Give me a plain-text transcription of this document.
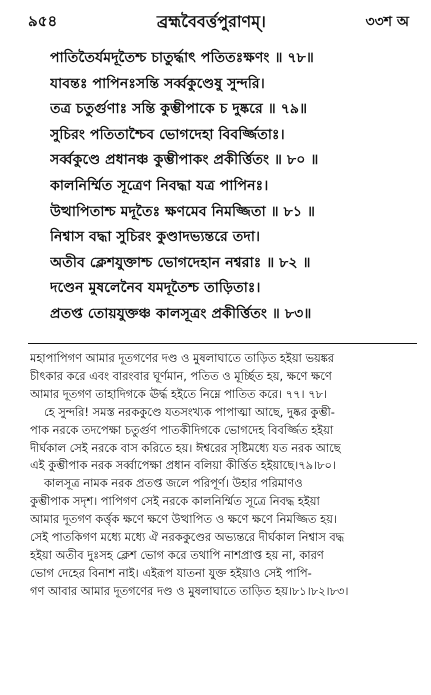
৯৫৪	ব্রহ্মবৈবর্ত্তপুরাণম্।	৩৩শ অ
পাতিতৈর্যমদূতৈশ্চ চাতুর্দ্ধাৎ পতিতঃক্ষণং ॥ ৭৮॥
যাবন্তঃ পাপিনঃসন্তি সর্ব্বকুণ্ডেষু সুন্দরি।
তত্র চতুর্গুণাঃ সন্তি কুম্ভীপাকে চ দুষ্করে ॥ ৭৯॥
সুচিরং পতিতাশ্চৈব ভোগদেহা বিবর্জ্জিতাঃ।
সর্ব্বকুণ্ডে প্রধানঞ্চ কুম্ভীপাকং প্রকীর্ত্তিতং ॥ ৮০ ॥
কালনির্ম্মিত সূত্রেণ নিবদ্ধা যত্র পাপিনঃ।
উত্থাপিতাশ্চ মদূতৈঃ ক্ষণমেব নিমজ্জিতা ॥ ৮১ ॥
নিশ্বাস বদ্ধা সুচিরং কুণ্ডাদভ্যন্তরে তদা।
অতীব ক্লেশযুক্তাশ্চ ভোগদেহান নশ্বরাঃ ॥ ৮২ ॥
দণ্ডেন মুষলেনৈব যমদূতৈশ্চ তাড়িতাঃ।
প্রতপ্ত তোয়যুক্তঞ্চ কালসূত্রং প্রকীর্ত্তিতং ॥ ৮৩॥
মহাপাপিগণ আমার দূতগণের দণ্ড ও মুষলাঘাতে তাড়িত হইয়া ভয়ঙ্কর
চীৎকার করে এবং বারংবার ঘূর্ণমান, পতিত ও মূর্চ্ছিত হয়, ক্ষণে ক্ষণে
আমার দূতগণ তাহাদিগকে ঊর্দ্ধ হইতে নিম্নে পাতিত করে। ৭৭। ৭৮।
হে সুন্দরি! সমস্ত নরককুণ্ডে যতসংখ্যক পাপাত্মা আছে, দুষ্কর কুম্ভী-
পাক নরকে তদপেক্ষা চতুর্গুণ পাতকীদিগকে ভোগদেহ বিবর্জ্জিত হইয়া
দীর্ঘকাল সেই নরকে বাস করিতে হয়। ঈশ্বরের সৃষ্টিমধ্যে যত নরক আছে
এই কুম্ভীপাক নরক সর্ব্বাপেক্ষা প্রধান বলিয়া কীর্ত্তিত হইয়াছে।৭৯।৮০।
কালসূত্র নামক নরক প্রতপ্ত জলে পরিপূর্ণ। উহার পরিমাণও
কুম্ভীপাক সদৃশ। পাপিগণ সেই নরকে কালনির্ম্মিত সূত্রে নিবদ্ধ হইয়া
আমার দূতগণ কর্ত্তৃক ক্ষণে ক্ষণে উত্থাপিত ও ক্ষণে ক্ষণে নিমজ্জিত হয়।
সেই পাতকিগণ মধ্যে মধ্যে ঐ নরককুণ্ডের অভ্যন্তরে দীর্ঘকাল নিশ্বাস বদ্ধ
হইয়া অতীব দুঃসহ ক্লেশ ভোগ করে তথাপি নাশপ্রাপ্ত হয় না, কারণ
ভোগ দেহের বিনাশ নাই। এইরূপ যাতনা যুক্ত হইয়াও সেই পাপি-
গণ আবার আমার দূতগণের দণ্ড ও মুষলাঘাতে তাড়িত হয়।৮১।৮২।৮৩।
